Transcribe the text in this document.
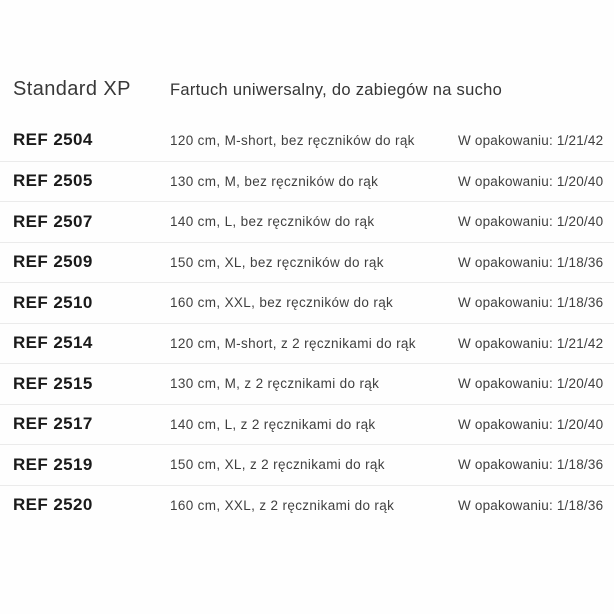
Standard XP	Fartuch uniwersalny, do zabiegów na sucho
REF 2504	120 cm, M-short, bez ręczników do rąk	W opakowaniu: 1/21/42
REF 2505	130 cm, M, bez ręczników do rąk	W opakowaniu: 1/20/40
REF 2507	140 cm, L, bez ręczników do rąk	W opakowaniu: 1/20/40
REF 2509	150 cm, XL, bez ręczników do rąk	W opakowaniu: 1/18/36
REF 2510	160 cm, XXL, bez ręczników do rąk	W opakowaniu: 1/18/36
REF 2514	120 cm, M-short, z 2 ręcznikami do rąk	W opakowaniu: 1/21/42
REF 2515	130 cm, M, z 2 ręcznikami do rąk	W opakowaniu: 1/20/40
REF 2517	140 cm, L, z 2 ręcznikami do rąk	W opakowaniu: 1/20/40
REF 2519	150 cm, XL, z 2 ręcznikami do rąk	W opakowaniu: 1/18/36
REF 2520	160 cm, XXL, z 2 ręcznikami do rąk	W opakowaniu: 1/18/36
